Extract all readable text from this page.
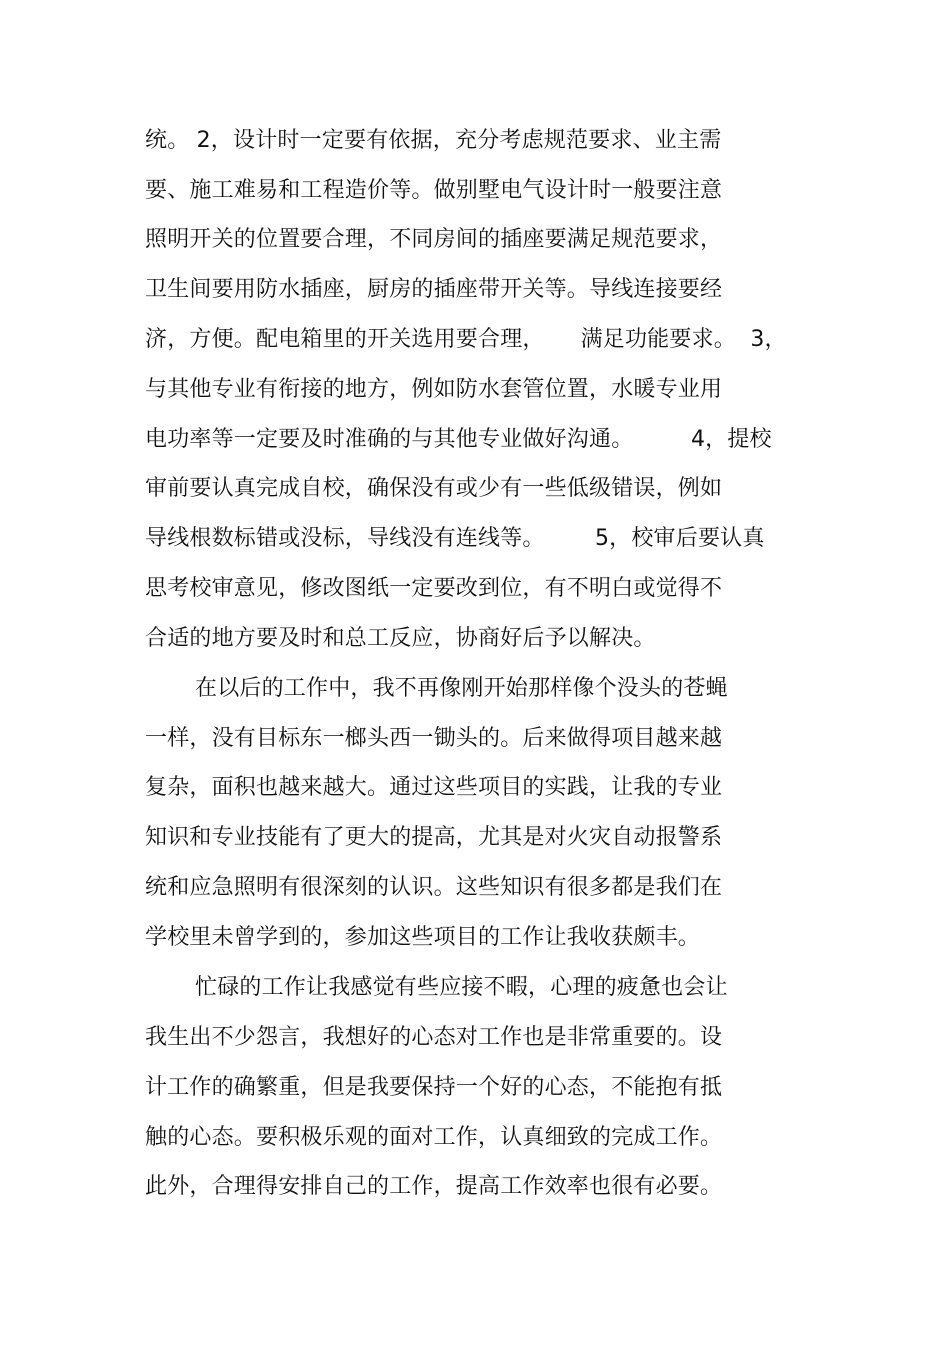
统。 2，设计时一定要有依据，充分考虑规范要求、业主需
要、施工难易和工程造价等。做别墅电气设计时一般要注意
照明开关的位置要合理，不同房间的插座要满足规范要求，
卫生间要用防水插座，厨房的插座带开关等。导线连接要经
济，方便。配电箱里的开关选用要合理，     满足功能要求。  3，
与其他专业有衔接的地方，例如防水套管位置，水暖专业用
电功率等一定要及时准确的与其他专业做好沟通。        4，提校
审前要认真完成自校，确保没有或少有一些低级错误，例如
导线根数标错或没标，导线没有连线等。       5，校审后要认真
思考校审意见，修改图纸一定要改到位，有不明白或觉得不
合适的地方要及时和总工反应，协商好后予以解决。
在以后的工作中，我不再像刚开始那样像个没头的苍蝇
一样，没有目标东一榔头西一锄头的。后来做得项目越来越
复杂，面积也越来越大。通过这些项目的实践，让我的专业
知识和专业技能有了更大的提高，尤其是对火灾自动报警系
统和应急照明有很深刻的认识。这些知识有很多都是我们在
学校里未曾学到的，参加这些项目的工作让我收获颇丰。
忙碌的工作让我感觉有些应接不暇，心理的疲惫也会让
我生出不少怨言，我想好的心态对工作也是非常重要的。设
计工作的确繁重，但是我要保持一个好的心态，不能抱有抵
触的心态。要积极乐观的面对工作，认真细致的完成工作。
此外，合理得安排自己的工作，提高工作效率也很有必要。
